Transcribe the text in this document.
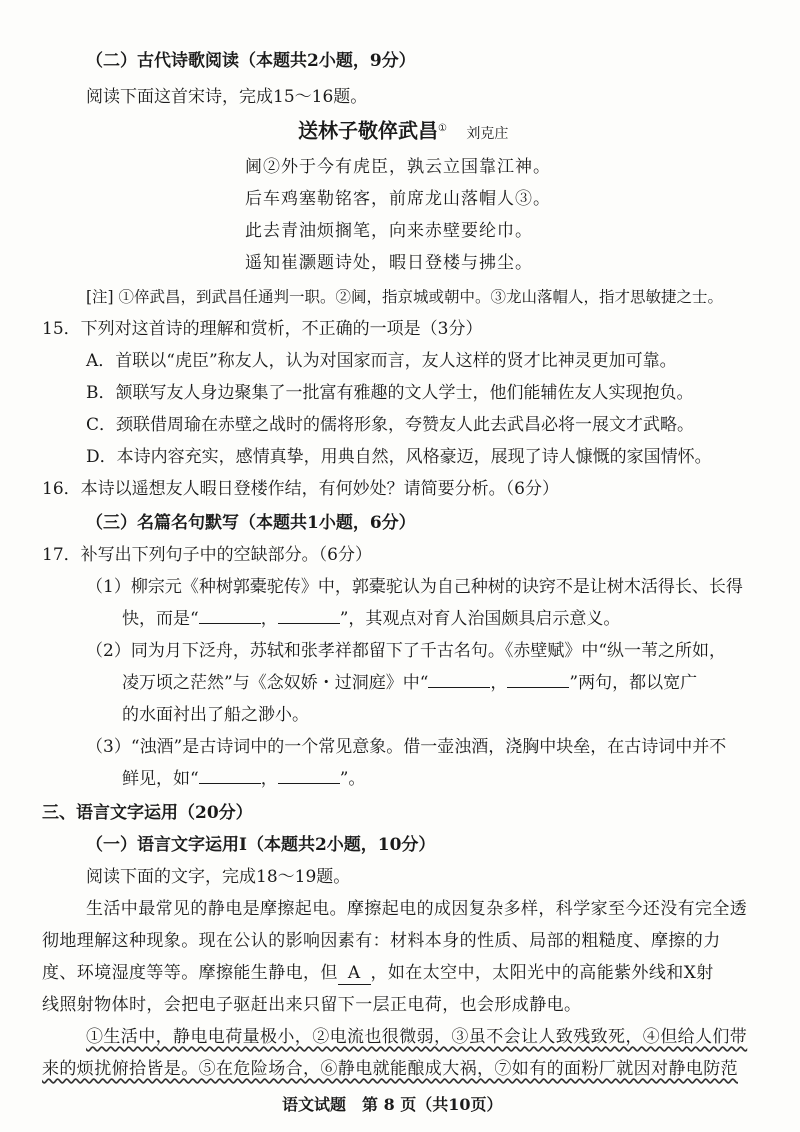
（二）古代诗歌阅读（本题共2小题，9分）
阅读下面这首宋诗，完成15～16题。
送林子敬倅武昌① 刘克庄
阃②外于今有虎臣，孰云立国靠江神。
后车鸡塞勒铭客，前席龙山落帽人③。
此去青油烦搁笔，向来赤壁要纶巾。
遥知崔灏题诗处，暇日登楼与拂尘。
[注] ①倅武昌，到武昌任通判一职。②阃，指京城或朝中。③龙山落帽人，指才思敏捷之士。
15．下列对这首诗的理解和赏析，不正确的一项是（3分）
A．首联以“虎臣”称友人，认为对国家而言，友人这样的贤才比神灵更加可靠。
B．颔联写友人身边聚集了一批富有雅趣的文人学士，他们能辅佐友人实现抱负。
C．颈联借周瑜在赤壁之战时的儒将形象，夸赞友人此去武昌必将一展文才武略。
D．本诗内容充实，感情真挚，用典自然，风格豪迈，展现了诗人慷慨的家国情怀。
16．本诗以遥想友人暇日登楼作结，有何妙处？请简要分析。（6分）
（三）名篇名句默写（本题共1小题，6分）
17．补写出下列句子中的空缺部分。（6分）
（1）柳宗元《种树郭橐驼传》中，郭橐驼认为自己种树的诀窍不是让树木活得长、长得
快，而是“	，	”，其观点对育人治国颇具启示意义。
（2）同为月下泛舟，苏轼和张孝祥都留下了千古名句。《赤壁赋》中“纵一苇之所如，
凌万顷之茫然”与《念奴娇・过洞庭》中“	，	”两句，都以宽广
的水面衬出了船之渺小。
（3）“浊酒”是古诗词中的一个常见意象。借一壶浊酒，浇胸中块垒，在古诗词中并不
鲜见，如“	，	”。
三、语言文字运用（20分）
（一）语言文字运用Ⅰ（本题共2小题，10分）
阅读下面的文字，完成18～19题。
生活中最常见的静电是摩擦起电。摩擦起电的成因复杂多样，科学家至今还没有完全透
彻地理解这种现象。现在公认的影响因素有：材料本身的性质、局部的粗糙度、摩擦的力
度、环境湿度等等。摩擦能生静电，但 A ，如在太空中，太阳光中的高能紫外线和X射
线照射物体时，会把电子驱赶出来只留下一层正电荷，也会形成静电。
①生活中，静电电荷量极小，②电流也很微弱，③虽不会让人致残致死，④但给人们带
来的烦扰俯拾皆是。⑤在危险场合，⑥静电就能酿成大祸，⑦如有的面粉厂就因对静电防范
语文试题　第 8 页（共10页）
